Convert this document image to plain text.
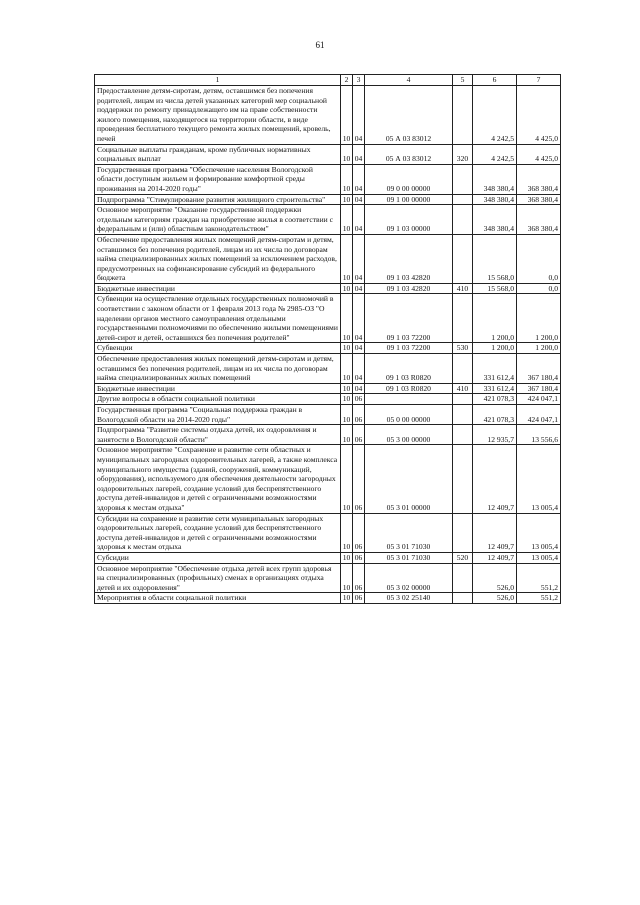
61
1	2	3	4	5	6	7
Предоставление детям-сиротам, детям, оставшимся без попечения родителей, лицам из числа детей указанных категорий мер социальной поддержки по ремонту принадлежащего им на праве собственности жилого помещения, находящегося на территории области, в виде проведения бесплатного текущего ремонта жилых помещений, кровель, печей	10	04	05 А 03 83012		4 242,5	4 425,0
Социальные выплаты гражданам, кроме публичных нормативных социальных выплат	10	04	05 А 03 83012	320	4 242,5	4 425,0
Государственная программа "Обеспечение населения Вологодской области доступным жильем и формирование комфортной среды проживания на 2014-2020 годы"	10	04	09 0 00 00000		348 380,4	368 380,4
Подпрограмма "Стимулирование развития жилищного строительства"	10	04	09 1 00 00000		348 380,4	368 380,4
Основное мероприятие "Оказание государственной поддержки отдельным категориям граждан на приобретение жилья в соответствии с федеральным и (или) областным законодательством"	10	04	09 1 03 00000		348 380,4	368 380,4
Обеспечение предоставления жилых помещений детям-сиротам и детям, оставшимся без попечения родителей, лицам из их числа по договорам найма специализированных жилых помещений за исключением расходов, предусмотренных на софинансирование субсидий из федерального бюджета	10	04	09 1 03 42820		15 568,0	0,0
Бюджетные инвестиции	10	04	09 1 03 42820	410	15 568,0	0,0
Субвенции на осуществление отдельных государственных полномочий в соответствии с законом области от 1 февраля 2013 года № 2985-ОЗ "О наделении органов местного самоуправления отдельными государственными полномочиями по обеспечению жилыми помещениями детей-сирот и детей, оставшихся без попечения родителей"	10	04	09 1 03 72200		1 200,0	1 200,0
Субвенции	10	04	09 1 03 72200	530	1 200,0	1 200,0
Обеспечение предоставления жилых помещений детям-сиротам и детям, оставшимся без попечения родителей, лицам из их числа по договорам найма специализированных жилых помещений	10	04	09 1 03 R0820		331 612,4	367 180,4
Бюджетные инвестиции	10	04	09 1 03 R0820	410	331 612,4	367 180,4
Другие вопросы в области социальной политики	10	06			421 078,3	424 047,1
Государственная программа "Социальная поддержка граждан в Вологодской области на 2014-2020 годы"	10	06	05 0 00 00000		421 078,3	424 047,1
Подпрограмма "Развитие системы отдыха детей, их оздоровления и занятости в Вологодской области"	10	06	05 3 00 00000		12 935,7	13 556,6
Основное мероприятие "Сохранение и развитие сети областных и муниципальных загородных оздоровительных лагерей, а также комплекса муниципального имущества (зданий, сооружений, коммуникаций, оборудования), используемого для обеспечения деятельности загородных оздоровительных лагерей, создание условий для беспрепятственного доступа детей-инвалидов и детей с ограниченными возможностями здоровья к местам отдыха"	10	06	05 3 01 00000		12 409,7	13 005,4
Субсидии на сохранение и развитие сети муниципальных загородных оздоровительных лагерей, создание условий для беспрепятственного доступа детей-инвалидов и детей с ограниченными возможностями здоровья к местам отдыха	10	06	05 3 01 71030		12 409,7	13 005,4
Субсидии	10	06	05 3 01 71030	520	12 409,7	13 005,4
Основное мероприятие "Обеспечение отдыха детей всех групп здоровья на специализированных (профильных) сменах в организациях отдыха детей и их оздоровления"	10	06	05 3 02 00000		526,0	551,2
Мероприятия в области социальной политики	10	06	05 3 02 25140		526,0	551,2
